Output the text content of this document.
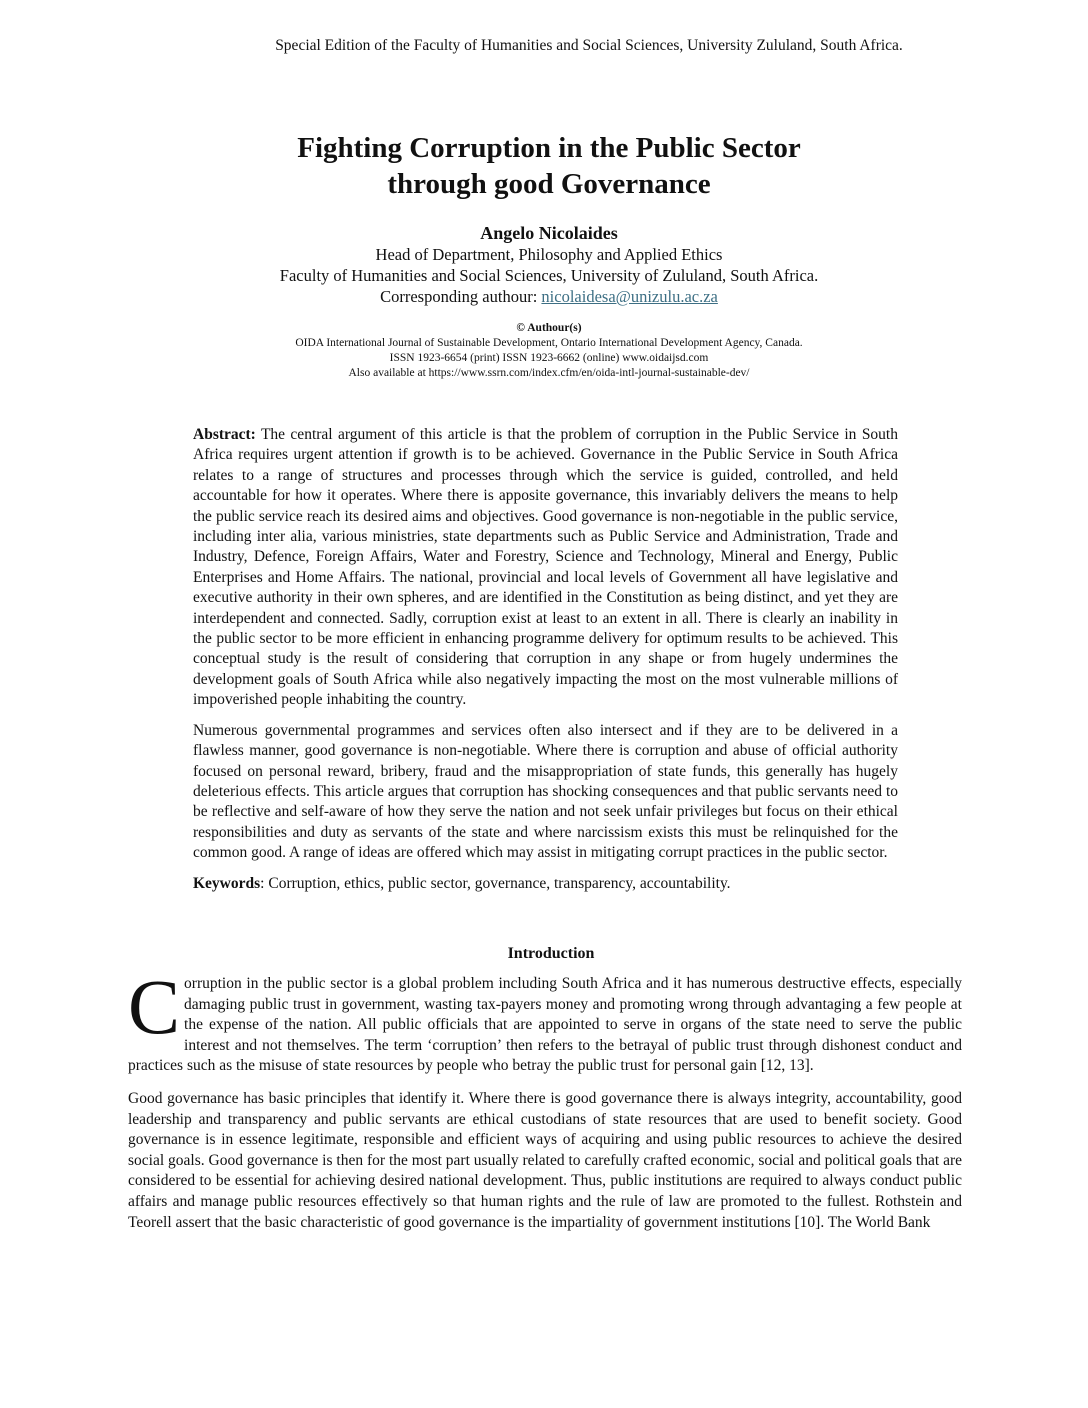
Special Edition of the Faculty of Humanities and Social Sciences, University Zululand, South Africa.
Fighting Corruption in the Public Sector
through good Governance
Angelo Nicolaides
Head of Department, Philosophy and Applied Ethics
Faculty of Humanities and Social Sciences, University of Zululand, South Africa.
Corresponding authour: nicolaidesa@unizulu.ac.za
© Authour(s)
OIDA International Journal of Sustainable Development, Ontario International Development Agency, Canada.
ISSN 1923-6654 (print) ISSN 1923-6662 (online) www.oidaijsd.com
Also available at https://www.ssrn.com/index.cfm/en/oida-intl-journal-sustainable-dev/

Abstract: The central argument of this article is that the problem of corruption in the Public Service in South Africa requires urgent attention if growth is to be achieved. Governance in the Public Service in South Africa relates to a range of structures and processes through which the service is guided, controlled, and held accountable for how it operates. Where there is apposite governance, this invariably delivers the means to help the public service reach its desired aims and objectives. Good governance is non-negotiable in the public service, including inter alia, various ministries, state departments such as Public Service and Administration, Trade and Industry, Defence, Foreign Affairs, Water and Forestry, Science and Technology, Mineral and Energy, Public Enterprises and Home Affairs. The national, provincial and local levels of Government all have legislative and executive authority in their own spheres, and are identified in the Constitution as being distinct, and yet they are interdependent and connected. Sadly, corruption exist at least to an extent in all. There is clearly an inability in the public sector to be more efficient in enhancing programme delivery for optimum results to be achieved. This conceptual study is the result of considering that corruption in any shape or from hugely undermines the development goals of South Africa while also negatively impacting the most on the most vulnerable millions of impoverished people inhabiting the country.

Numerous governmental programmes and services often also intersect and if they are to be delivered in a flawless manner, good governance is non-negotiable. Where there is corruption and abuse of official authority focused on personal reward, bribery, fraud and the misappropriation of state funds, this generally has hugely deleterious effects. This article argues that corruption has shocking consequences and that public servants need to be reflective and self-aware of how they serve the nation and not seek unfair privileges but focus on their ethical responsibilities and duty as servants of the state and where narcissism exists this must be relinquished for the common good. A range of ideas are offered which may assist in mitigating corrupt practices in the public sector.

Keywords: Corruption, ethics, public sector, governance, transparency, accountability.

Introduction

Corruption in the public sector is a global problem including South Africa and it has numerous destructive effects, especially damaging public trust in government, wasting tax-payers money and promoting wrong through advantaging a few people at the expense of the nation. All public officials that are appointed to serve in organs of the state need to serve the public interest and not themselves. The term ‘corruption’ then refers to the betrayal of public trust through dishonest conduct and practices such as the misuse of state resources by people who betray the public trust for personal gain [12, 13].

Good governance has basic principles that identify it. Where there is good governance there is always integrity, accountability, good leadership and transparency and public servants are ethical custodians of state resources that are used to benefit society. Good governance is in essence legitimate, responsible and efficient ways of acquiring and using public resources to achieve the desired social goals. Good governance is then for the most part usually related to carefully crafted economic, social and political goals that are considered to be essential for achieving desired national development. Thus, public institutions are required to always conduct public affairs and manage public resources effectively so that human rights and the rule of law are promoted to the fullest. Rothstein and Teorell assert that the basic characteristic of good governance is the impartiality of government institutions [10]. The World Bank
